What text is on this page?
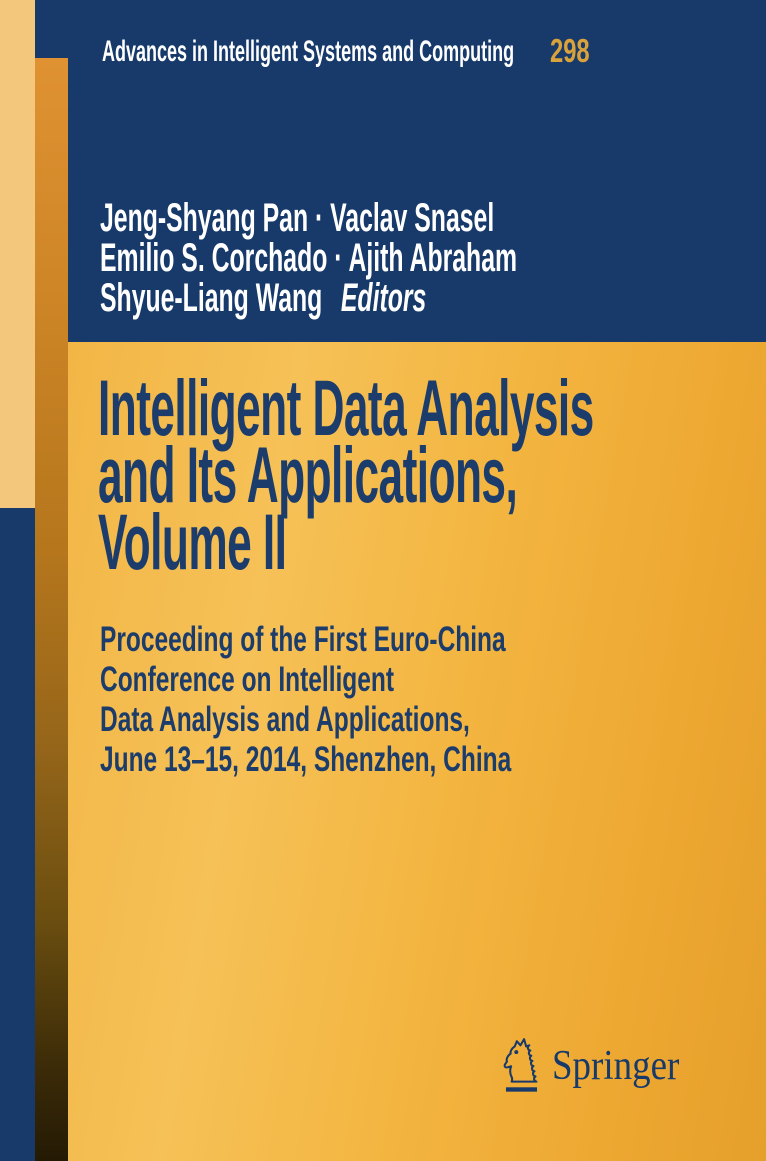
Advances in Intelligent Systems and Computing 298
Jeng-Shyang Pan · Vaclav Snasel
Emilio S. Corchado · Ajith Abraham
Shyue-Liang Wang Editors
Intelligent Data Analysis
and Its Applications,
Volume II
Proceeding of the First Euro-China
Conference on Intelligent
Data Analysis and Applications,
June 13–15, 2014, Shenzhen, China
Springer
